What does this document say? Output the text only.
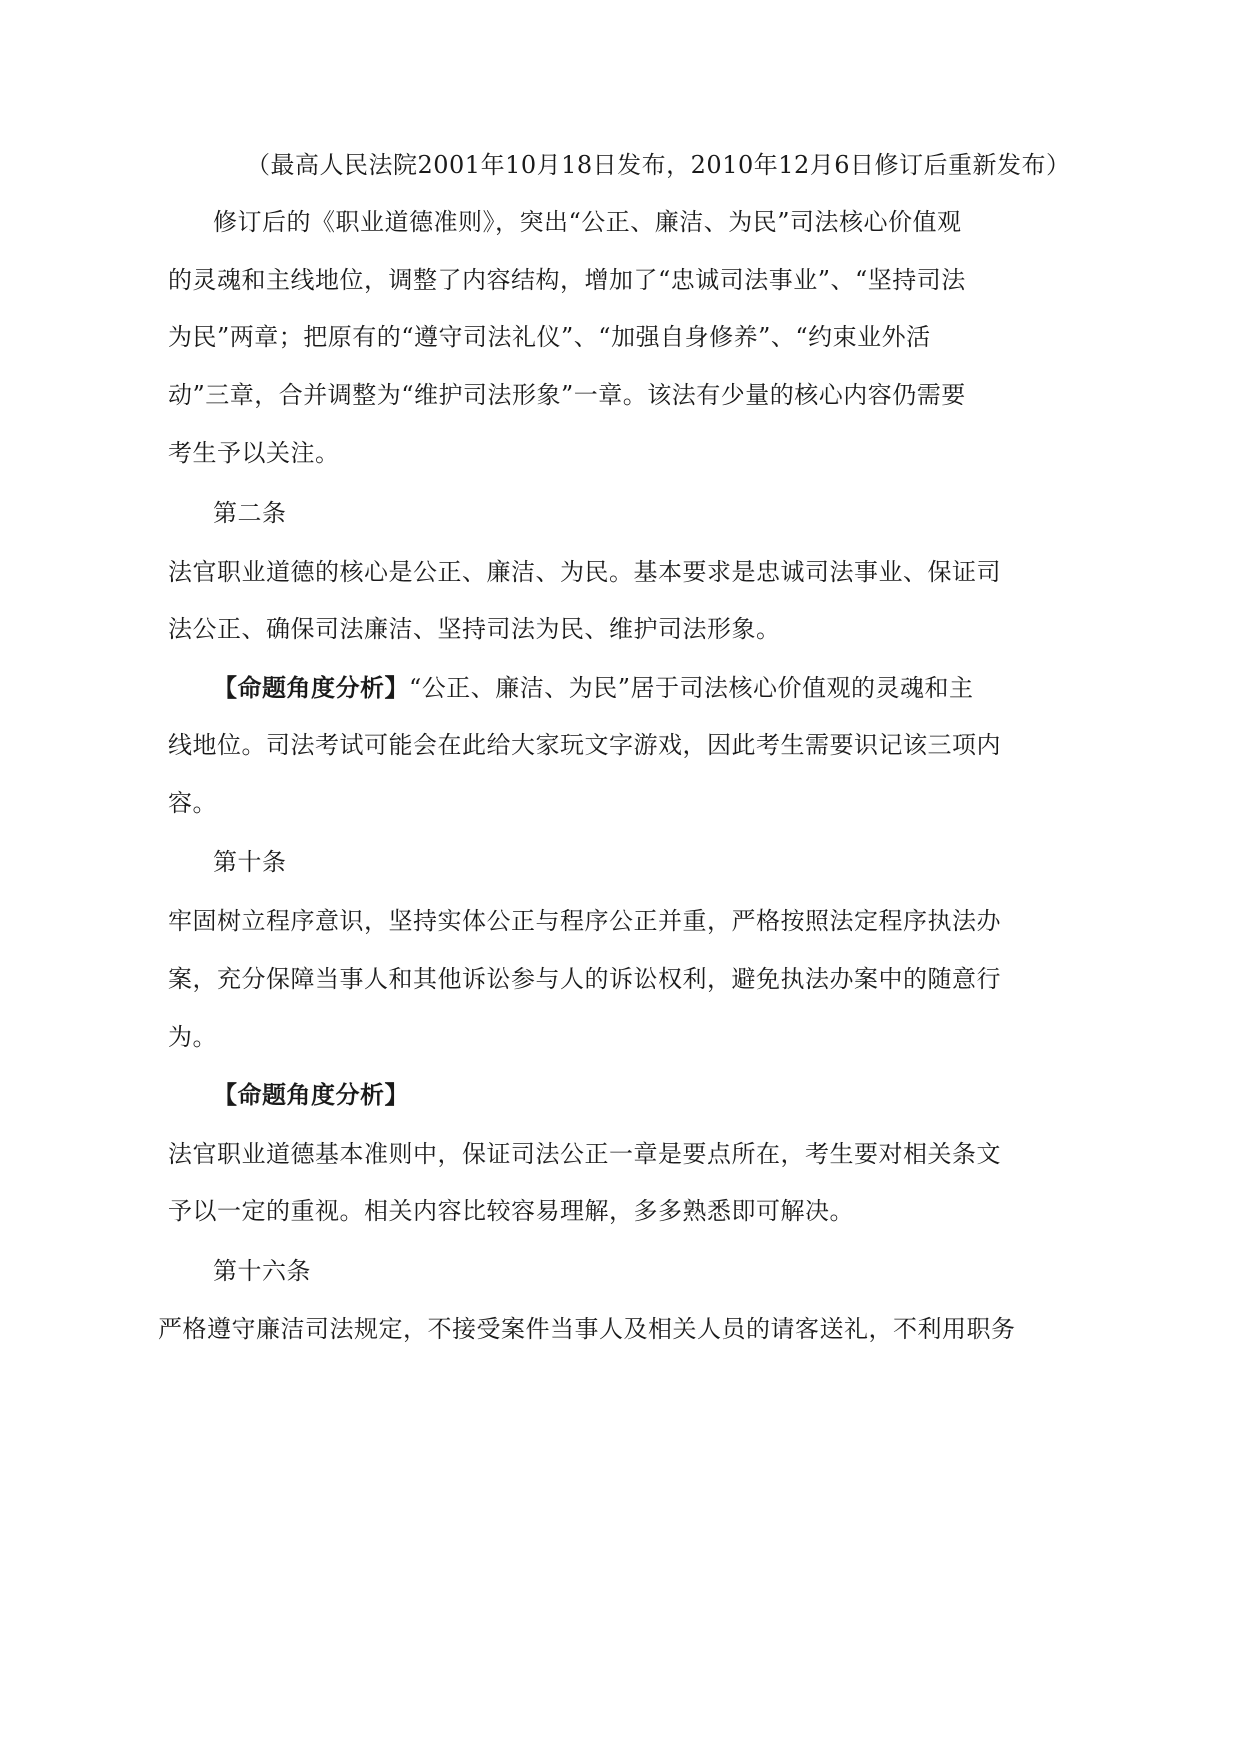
（最高人民法院2001年10月18日发布，2010年12月6日修订后重新发布）
修订后的《职业道德准则》，突出“公正、廉洁、为民”司法核心价值观
的灵魂和主线地位，调整了内容结构，增加了“忠诚司法事业”、“坚持司法
为民”两章；把原有的“遵守司法礼仪”、“加强自身修养”、“约束业外活
动”三章，合并调整为“维护司法形象”一章。该法有少量的核心内容仍需要
考生予以关注。
第二条
法官职业道德的核心是公正、廉洁、为民。基本要求是忠诚司法事业、保证司
法公正、确保司法廉洁、坚持司法为民、维护司法形象。
【命题角度分析】“公正、廉洁、为民”居于司法核心价值观的灵魂和主
线地位。司法考试可能会在此给大家玩文字游戏，因此考生需要识记该三项内
容。
第十条
牢固树立程序意识，坚持实体公正与程序公正并重，严格按照法定程序执法办
案，充分保障当事人和其他诉讼参与人的诉讼权利，避免执法办案中的随意行
为。
【命题角度分析】
法官职业道德基本准则中，保证司法公正一章是要点所在，考生要对相关条文
予以一定的重视。相关内容比较容易理解，多多熟悉即可解决。
第十六条
严格遵守廉洁司法规定，不接受案件当事人及相关人员的请客送礼，不利用职务
